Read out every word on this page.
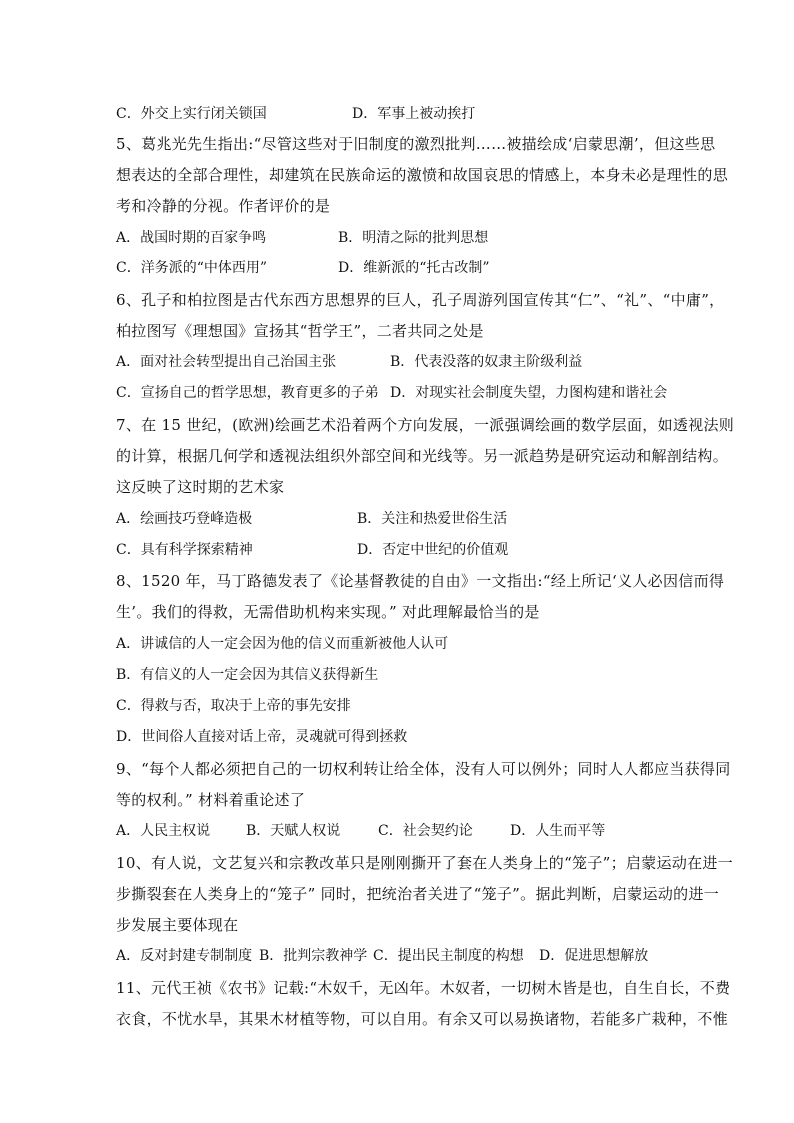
C．外交上实行闭关锁国	D．军事上被动挨打
5、葛兆光先生指出:“尽管这些对于旧制度的激烈批判……被描绘成‘启蒙思潮’，但这些思
想表达的全部合理性，却建筑在民族命运的激愤和故国哀思的情感上，本身未必是理性的思
考和冷静的分视。作者评价的是
A．战国时期的百家争鸣	B．明清之际的批判思想
C．洋务派的“中体西用”	D．维新派的“托古改制”
6、孔子和柏拉图是古代东西方思想界的巨人，孔子周游列国宣传其“仁”、“礼”、“中庸”，
柏拉图写《理想国》宣扬其“哲学王”，二者共同之处是
A．面对社会转型提出自己治国主张	B．代表没落的奴隶主阶级利益
C．宣扬自己的哲学思想，教育更多的子弟 D．对现实社会制度失望，力图构建和谐社会
7、在 15 世纪，(欧洲)绘画艺术沿着两个方向发展，一派强调绘画的数学层面，如透视法则
的计算，根据几何学和透视法组织外部空间和光线等。另一派趋势是研究运动和解剖结构。
这反映了这时期的艺术家
A．绘画技巧登峰造极	B．关注和热爱世俗生活
C．具有科学探索精神	D．否定中世纪的价值观
8、1520 年，马丁路德发表了《论基督教徒的自由》一文指出:“经上所记‘义人必因信而得
生’。我们的得救，无需借助机构来实现。” 对此理解最恰当的是
A．讲诚信的人一定会因为他的信义而重新被他人认可
B．有信义的人一定会因为其信义获得新生
C．得救与否，取决于上帝的事先安排
D．世间俗人直接对话上帝，灵魂就可得到拯救
9、“每个人都必须把自己的一切权利转让给全体，没有人可以例外；同时人人都应当获得同
等的权利。” 材料着重论述了
A．人民主权说	B．天赋人权说	C．社会契约论	D．人生而平等
10、有人说，文艺复兴和宗教改革只是刚刚撕开了套在人类身上的“笼子”；启蒙运动在进一
步撕裂套在人类身上的“笼子” 同时，把统治者关进了“笼子”。据此判断，启蒙运动的进一
步发展主要体现在
A．反对封建专制制度 B．批判宗教神学 C．提出民主制度的构想 D．促进思想解放
11、元代王祯《农书》记载:“木奴千，无凶年。木奴者，一切树木皆是也，自生自长，不费
衣食，不忧水旱，其果木材植等物，可以自用。有余又可以易换诸物，若能多广栽种，不惟
